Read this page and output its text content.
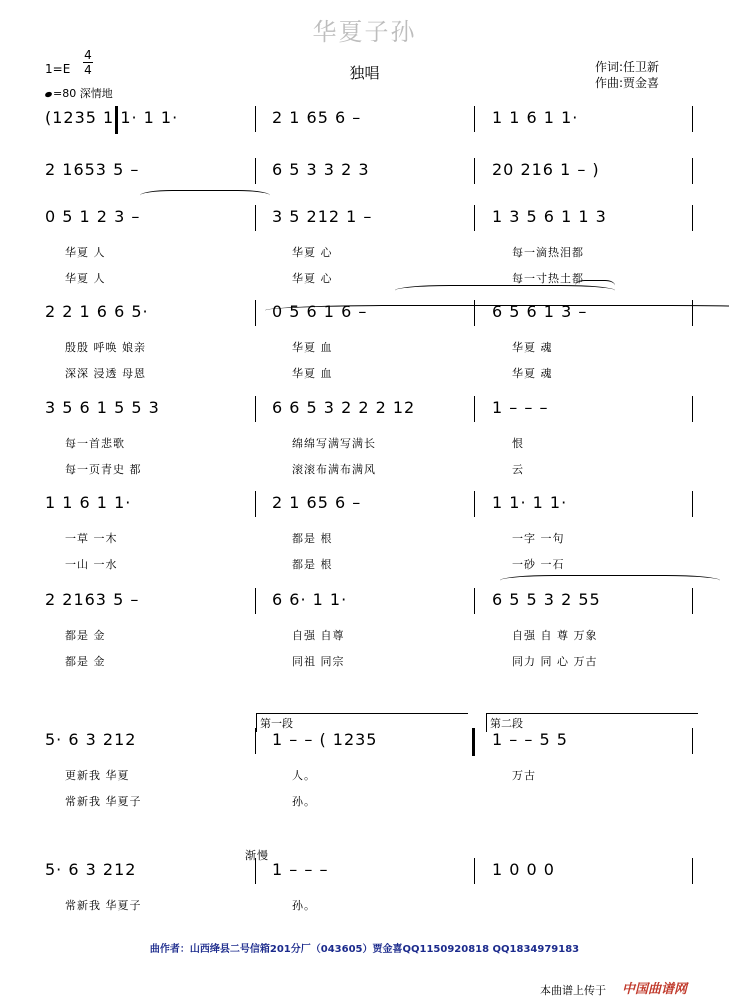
华夏子孙
1=E
4
4
=80 深情地
独唱	作词:任卫新
作曲:贾金喜
(1235 1 1· 1 1·	2 1 65 6 –	1 1 6 1 1·
2 1653 5 –	6 5 3 3 2 3	20 216 1 – )
0 5 1 2 3 –
华夏 人
华夏 人
3 5 212 1 –
华夏 心
华夏 心
1 3 5 6 1 1 3
每一滴热泪都
每一寸热土都
2 2 1 6 6 5·
殷殷 呼唤 娘亲
深深 浸透 母恩
0 5 6 1 6 –
华夏 血
华夏 血
6 5 6 1 3 –
华夏 魂
华夏 魂
3 5 6 1 5 5 3
每一首悲歌
每一页青史 都
6 6 5 3 2 2 2 12
绵绵写满写满长
滚滚布满布满风
1 – – –
恨
云
1 1 6 1 1·
一草 一木
一山 一水
2 1 65 6 –
都是 根
都是 根
1 1· 1 1·
一字 一句
一砂 一石
2 2163 5 –
都是 金
都是 金
6 6· 1 1·
自强 自尊
同祖 同宗
6 5 5 3 2 55
自强 自 尊 万象
同力 同 心 万古
5· 6 3 212
更新我 华夏
常新我 华夏子
1 – – ( 1235
人。
孙。
1 – – 5 5
万古
5· 6 3 212
常新我 华夏子
1 – – –
孙。
1 0 0 0
第一段	第二段
渐慢
曲作者：山西绛县二号信箱201分厂（043605）贾金喜QQ1150920818 QQ1834979183
本曲谱上传于 中国曲谱网
